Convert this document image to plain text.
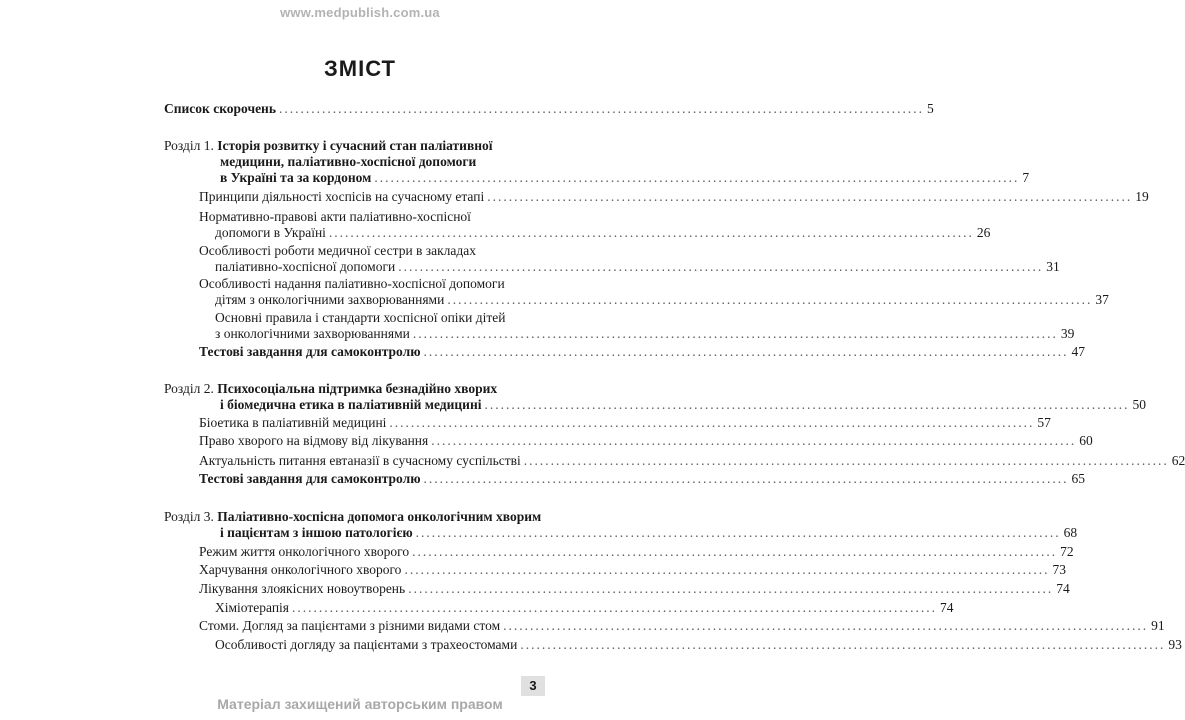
www.medpublish.com.ua
ЗМІСТ
Список скорочень ........................................................................................................................ 5
Розділ 1. Історія розвитку і сучасний стан паліативної
медицини, паліативно-хоспісної допомоги
в Україні та за кордоном ........................................................................................................................ 7
Принципи діяльності хоспісів на сучасному етапі ........................................................................................................................ 19
Нормативно-правові акти паліативно-хоспісної
допомоги в Україні ........................................................................................................................ 26
Особливості роботи медичної сестри в закладах
паліативно-хоспісної допомоги ........................................................................................................................ 31
Особливості надання паліативно-хоспісної допомоги
дітям з онкологічними захворюваннями ........................................................................................................................ 37
Основні правила і стандарти хоспісної опіки дітей
з онкологічними захворюваннями ........................................................................................................................ 39
Тестові завдання для самоконтролю ........................................................................................................................ 47
Розділ 2. Психосоціальна підтримка безнадійно хворих
і біомедична етика в паліативній медицині ........................................................................................................................ 50
Біоетика в паліативній медицині ........................................................................................................................ 57
Право хворого на відмову від лікування ........................................................................................................................ 60
Актуальність питання евтаназії в сучасному суспільстві ........................................................................................................................ 62
Тестові завдання для самоконтролю ........................................................................................................................ 65
Розділ 3. Паліативно-хоспісна допомога онкологічним хворим
і пацієнтам з іншою патологією ........................................................................................................................ 68
Режим життя онкологічного хворого ........................................................................................................................ 72
Харчування онкологічного хворого ........................................................................................................................ 73
Лікування злоякісних новоутворень ........................................................................................................................ 74
Хіміотерапія ........................................................................................................................ 74
Стоми. Догляд за пацієнтами з різними видами стом ........................................................................................................................ 91
Особливості догляду за пацієнтами з трахеостомами ........................................................................................................................ 93
3
Матеріал захищений авторським правом
